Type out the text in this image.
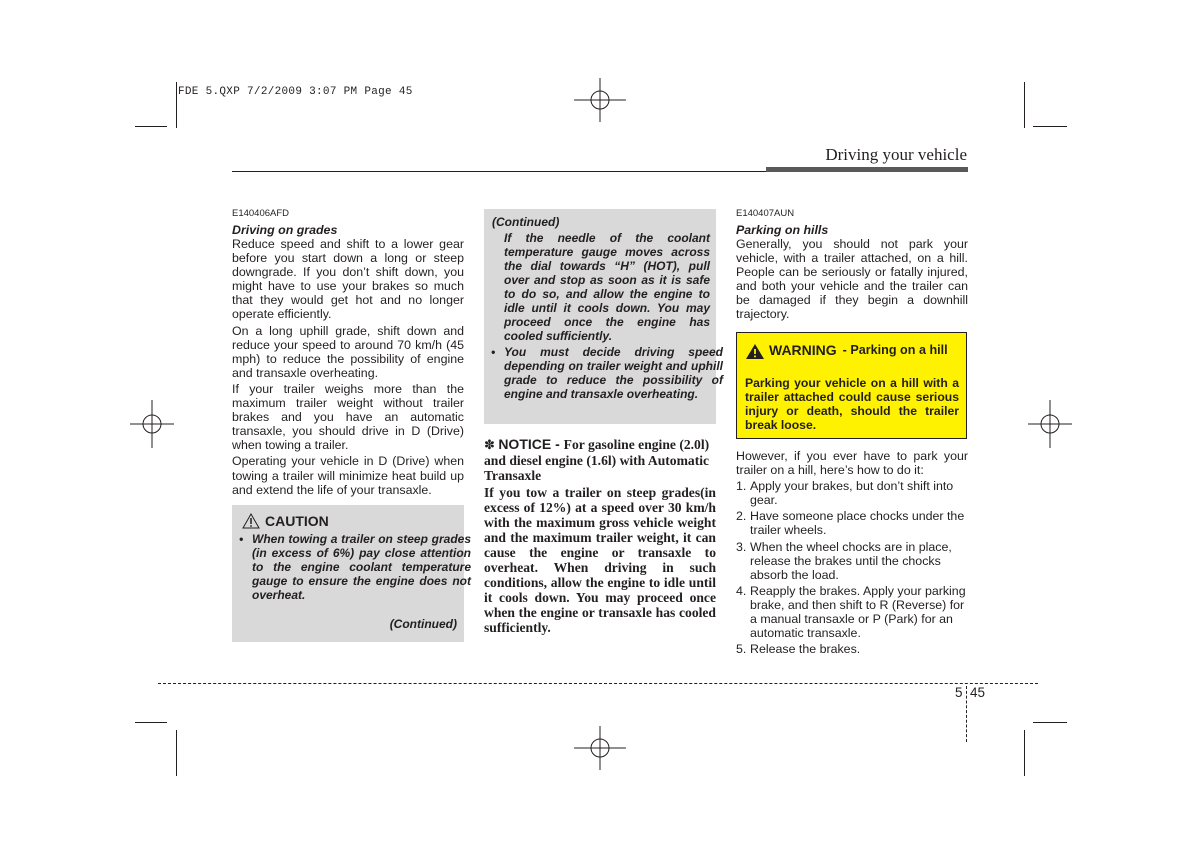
FDE 5.QXP 7/2/2009 3:07 PM Page 45
Driving your vehicle
E140406AFD
Driving on grades

Reduce speed and shift to a lower gear before you start down a long or steep downgrade. If you don’t shift down, you might have to use your brakes so much that they would get hot and no longer operate efficiently.

On a long uphill grade, shift down and reduce your speed to around 70 km/h (45 mph) to reduce the possibility of engine and transaxle overheating.

If your trailer weighs more than the maximum trailer weight without trailer brakes and you have an automatic transaxle, you should drive in D (Drive) when towing a trailer.

Operating your vehicle in D (Drive) when towing a trailer will minimize heat build up and extend the life of your transaxle.

CAUTION
• When towing a trailer on steep grades (in excess of 6%) pay close attention to the engine coolant temperature gauge to ensure the engine does not overheat.
(Continued)
(Continued)
If the needle of the coolant temperature gauge moves across the dial towards “H” (HOT), pull over and stop as soon as it is safe to do so, and allow the engine to idle until it cools down. You may proceed once the engine has cooled sufficiently.
• You must decide driving speed depending on trailer weight and uphill grade to reduce the possibility of engine and transaxle overheating.
✽ NOTICE - For gasoline engine (2.0l) and diesel engine (1.6l) with Automatic Transaxle
If you tow a trailer on steep grades(in excess of 12%) at a speed over 30 km/h with the maximum gross vehicle weight and the maximum trailer weight, it can cause the engine or transaxle to overheat. When driving in such conditions, allow the engine to idle until it cools down. You may proceed once when the engine or transaxle has cooled sufficiently.
E140407AUN
Parking on hills

Generally, you should not park your vehicle, with a trailer attached, on a hill. People can be seriously or fatally injured, and both your vehicle and the trailer can be damaged if they begin a downhill trajectory.

WARNING - Parking on a hill
Parking your vehicle on a hill with a trailer attached could cause serious injury or death, should the trailer break loose.

However, if you ever have to park your trailer on a hill, here’s how to do it:

1. Apply your brakes, but don’t shift into gear.
2. Have someone place chocks under the trailer wheels.
3. When the wheel chocks are in place, release the brakes until the chocks absorb the load.
4. Reapply the brakes. Apply your parking brake, and then shift to R (Reverse) for a manual transaxle or P (Park) for an automatic transaxle.
5. Release the brakes.
5 45
